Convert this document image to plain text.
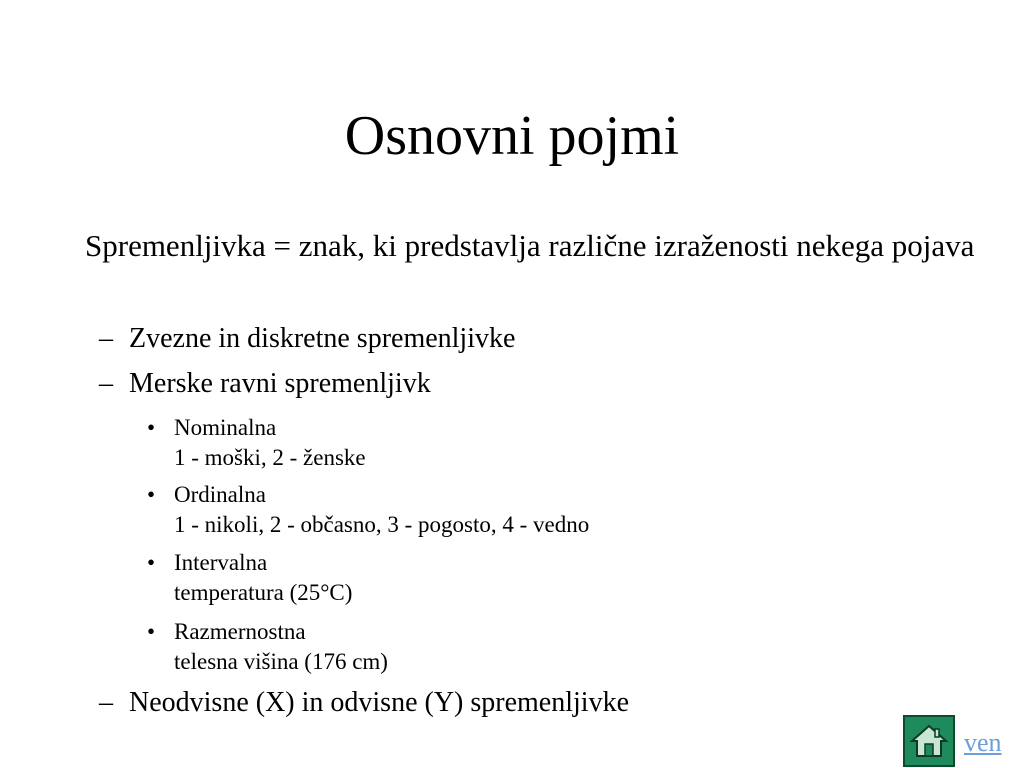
Osnovni pojmi
Spremenljivka = znak, ki predstavlja različne izraženosti nekega pojava
– Zvezne in diskretne spremenljivke
– Merske ravni spremenljivk
• Nominalna
1 - moški, 2 - ženske
• Ordinalna
1 - nikoli, 2 - občasno, 3 - pogosto, 4 - vedno
• Intervalna
temperatura (25°C)
• Razmernostna
telesna višina (176 cm)
– Neodvisne (X) in odvisne (Y) spremenljivke
ven
